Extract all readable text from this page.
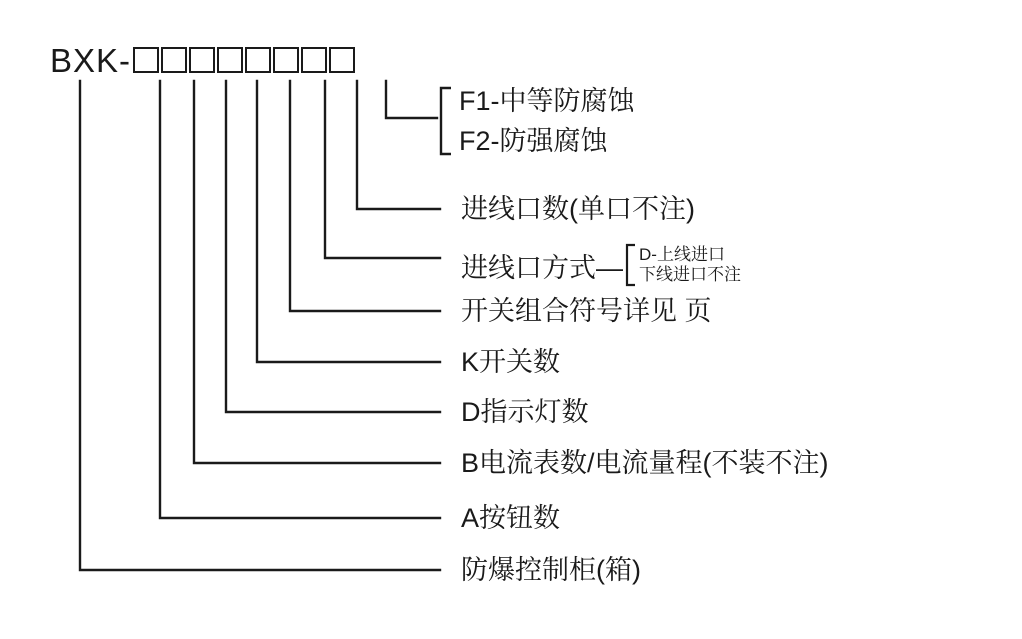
BXK-
F1-中等防腐蚀
F2-防强腐蚀
进线口数(单口不注)
进线口方式— D-上线进口
下线进口不注
开关组合符号详见 页
K开关数
D指示灯数
B电流表数/电流量程(不装不注)
A按钮数
防爆控制柜(箱)
